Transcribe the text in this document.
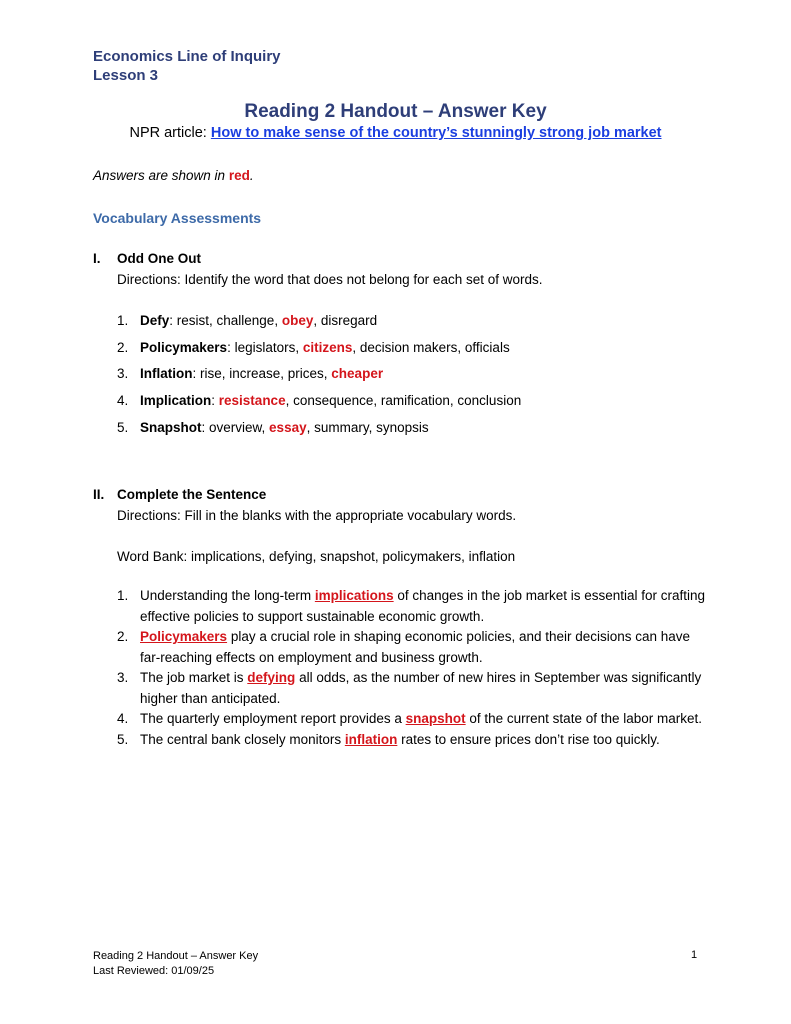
Economics Line of Inquiry
Lesson 3
Reading 2 Handout – Answer Key
NPR article: How to make sense of the country’s stunningly strong job market
Answers are shown in red.
Vocabulary Assessments
I. Odd One Out
Directions: Identify the word that does not belong for each set of words.
1. Defy: resist, challenge, obey, disregard
2. Policymakers: legislators, citizens, decision makers, officials
3. Inflation: rise, increase, prices, cheaper
4. Implication: resistance, consequence, ramification, conclusion
5. Snapshot: overview, essay, summary, synopsis
II. Complete the Sentence
Directions: Fill in the blanks with the appropriate vocabulary words.
Word Bank: implications, defying, snapshot, policymakers, inflation
1. Understanding the long-term implications of changes in the job market is essential for crafting effective policies to support sustainable economic growth.
2. Policymakers play a crucial role in shaping economic policies, and their decisions can have far-reaching effects on employment and business growth.
3. The job market is defying all odds, as the number of new hires in September was significantly higher than anticipated.
4. The quarterly employment report provides a snapshot of the current state of the labor market.
5. The central bank closely monitors inflation rates to ensure prices don’t rise too quickly.
Reading 2 Handout – Answer Key
Last Reviewed: 01/09/25
1
